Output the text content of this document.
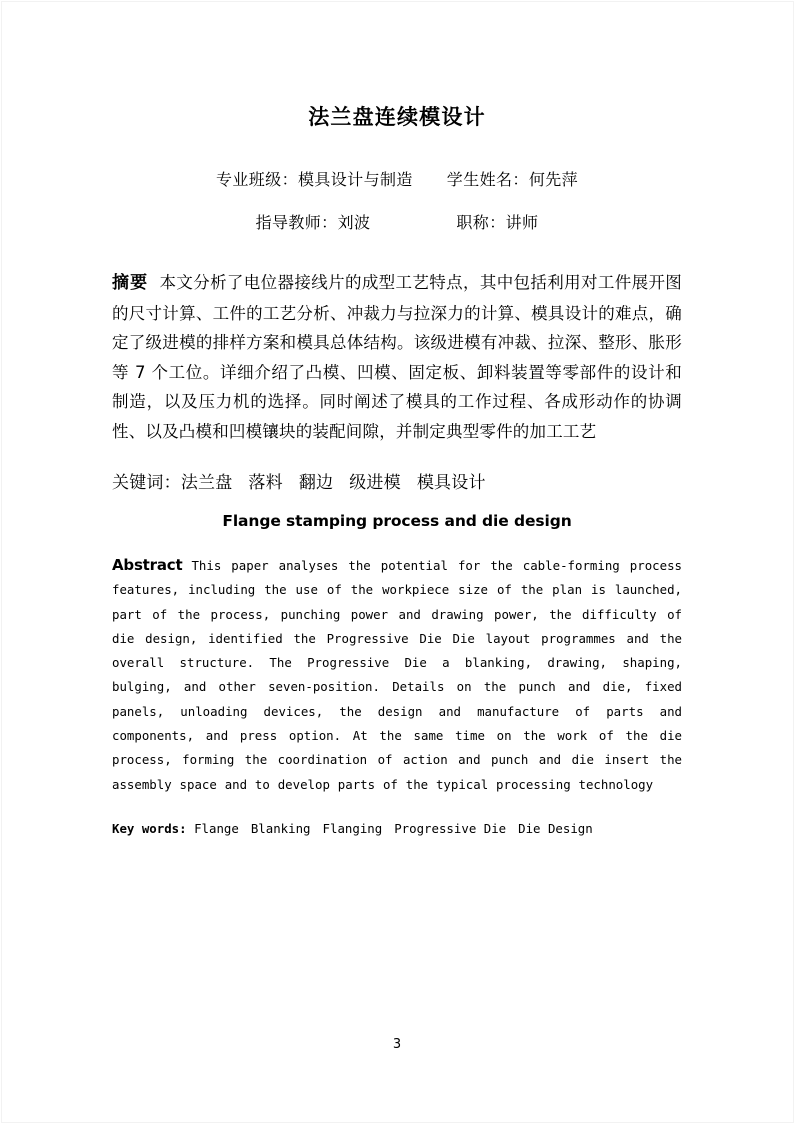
法兰盘连续模设计
专业班级：模具设计与制造 学生姓名：何先萍
指导教师：刘波	职称：讲师
摘要 本文分析了电位器接线片的成型工艺特点，其中包括利用对工件展开图的尺寸计算、工件的工艺分析、冲裁力与拉深力的计算、模具设计的难点，确定了级进模的排样方案和模具总体结构。该级进模有冲裁、拉深、整形、胀形等 7 个工位。详细介绍了凸模、凹模、固定板、卸料装置等零部件的设计和制造，以及压力机的选择。同时阐述了模具的工作过程、各成形动作的协调性、以及凸模和凹模镶块的装配间隙，并制定典型零件的加工工艺
关键词：法兰盘 落料 翻边 级进模 模具设计
Flange stamping process and die design
Abstract This paper analyses the potential for the cable-forming process features, including the use of the workpiece size of the plan is launched, part of the process, punching power and drawing power, the difficulty of die design, identified the Progressive Die Die layout programmes and the overall structure. The Progressive Die a blanking, drawing, shaping, bulging, and other seven-position. Details on the punch and die, fixed panels, unloading devices, the design and manufacture of parts and components, and press option. At the same time on the work of the die process, forming the coordination of action and punch and die insert the assembly space and to develop parts of the typical processing technology
Key words: Flange Blanking Flanging Progressive Die Die Design
3
